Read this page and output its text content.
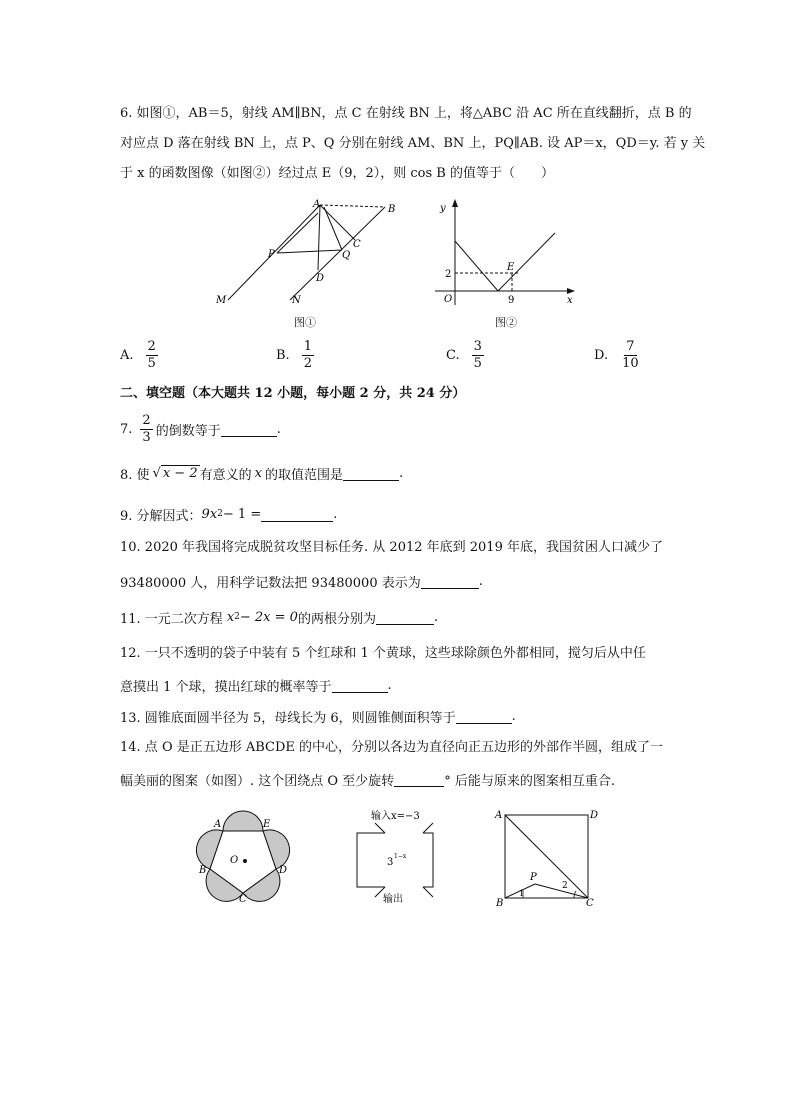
6. 如图①，AB＝5，射线 AM∥BN，点 C 在射线 BN 上，将△ABC 沿 AC 所在直线翻折，点 B 的
对应点 D 落在射线 BN 上，点 P、Q 分别在射线 AM、BN 上，PQ∥AB. 设 AP＝x，QD＝y. 若 y 关
于 x 的函数图像（如图②）经过点 E（9，2），则 cos B 的值等于（　　）
A	B
C
P	Q
D
M	N
图①
y
x
O
2
9
E
图②
A. $\frac{2}{5}$	B. $\frac{1}{2}$	C. $\frac{3}{5}$	D. $\frac{7}{10}$
二、填空题（本大题共 12 小题，每小题 2 分，共 24 分）
7. $\frac{2}{3}$ 的倒数等于	.
8. 使 √ x − 2 有意义的 x 的取值范围是	.
9. 分解因式： 9x 2 − 1 =	.
10. 2020 年我国将完成脱贫攻坚目标任务. 从 2012 年底到 2019 年底，我国贫困人口减少了
93480000 人，用科学记数法把 93480000 表示为	.
11. 一元二次方程 x 2 − 2x = 0 的两根分别为	.
12. 一只不透明的袋子中装有 5 个红球和 1 个黄球，这些球除颜色外都相同，搅匀后从中任
意摸出 1 个球，摸出红球的概率等于	.
13. 圆锥底面圆半径为 5，母线长为 6，则圆锥侧面积等于	.
14. 点 O 是正五边形 ABCDE 的中心，分别以各边为直径向正五边形的外部作半圆，组成了一
幅美丽的图案（如图）. 这个团绕点 O 至少旋转	° 后能与原来的图案相互重合.
A	E
B	D
C
O
输入x=−3
3
1−x
输出
A	D
B	C
P
1
2
